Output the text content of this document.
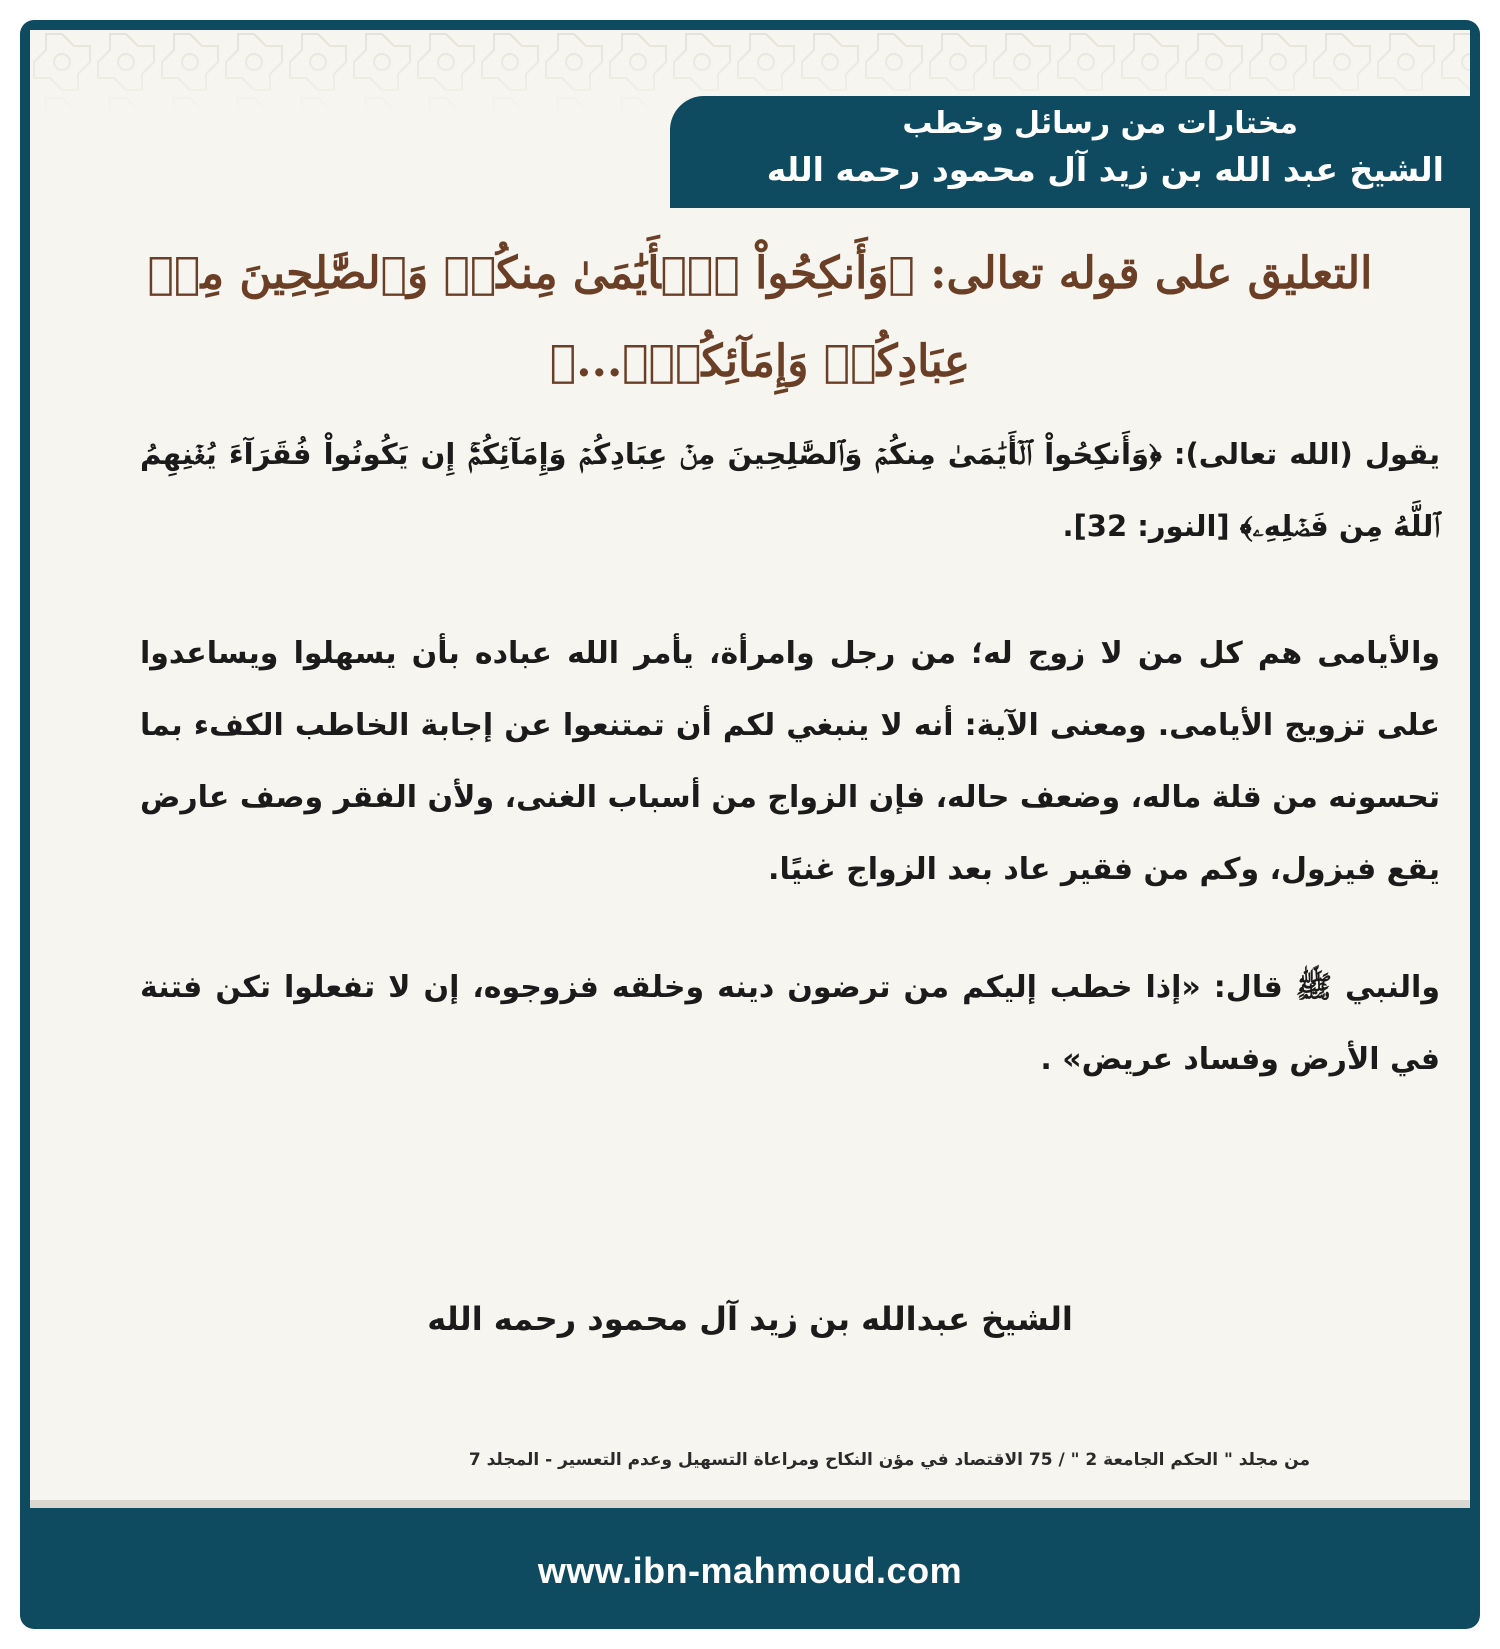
مختارات من رسائل وخطب
الشيخ عبد الله بن زيد آل محمود رحمه الله
التعليق على قوله تعالى: ﴿وَأَنكِحُواْ ٱلۡأَيَٰمَىٰ مِنكُمۡ وَٱلصَّٰلِحِينَ مِنۡ عِبَادِكُمۡ وَإِمَآئِكُمۡۚ...﴾

يقول (الله تعالى): ﴿وَأَنكِحُواْ ٱلۡأَيَٰمَىٰ مِنكُمۡ وَٱلصَّٰلِحِينَ مِنۡ عِبَادِكُمۡ وَإِمَآئِكُمۡۚ إِن يَكُونُواْ فُقَرَآءَ يُغۡنِهِمُ ٱللَّهُ مِن فَضۡلِهِۦ﴾ [النور: 32].

والأيامى هم كل من لا زوج له؛ من رجل وامرأة، يأمر الله عباده بأن يسهلوا ويساعدوا على تزويج الأيامى. ومعنى الآية: أنه لا ينبغي لكم أن تمتنعوا عن إجابة الخاطب الكفء بما تحسونه من قلة ماله، وضعف حاله، فإن الزواج من أسباب الغنى، ولأن الفقر وصف عارض يقع فيزول، وكم من فقير عاد بعد الزواج غنيًا.

والنبي ﷺ قال: «إذا خطب إليكم من ترضون دينه وخلقه فزوجوه، إن لا تفعلوا تكن فتنة في الأرض وفساد عريض» .

الشيخ عبدالله بن زيد آل محمود رحمه الله
من مجلد " الحكم الجامعة 2 " / 75 الاقتصاد في مؤن النكاح ومراعاة التسهيل وعدم التعسير - المجلد 7
www.ibn-mahmoud.com
